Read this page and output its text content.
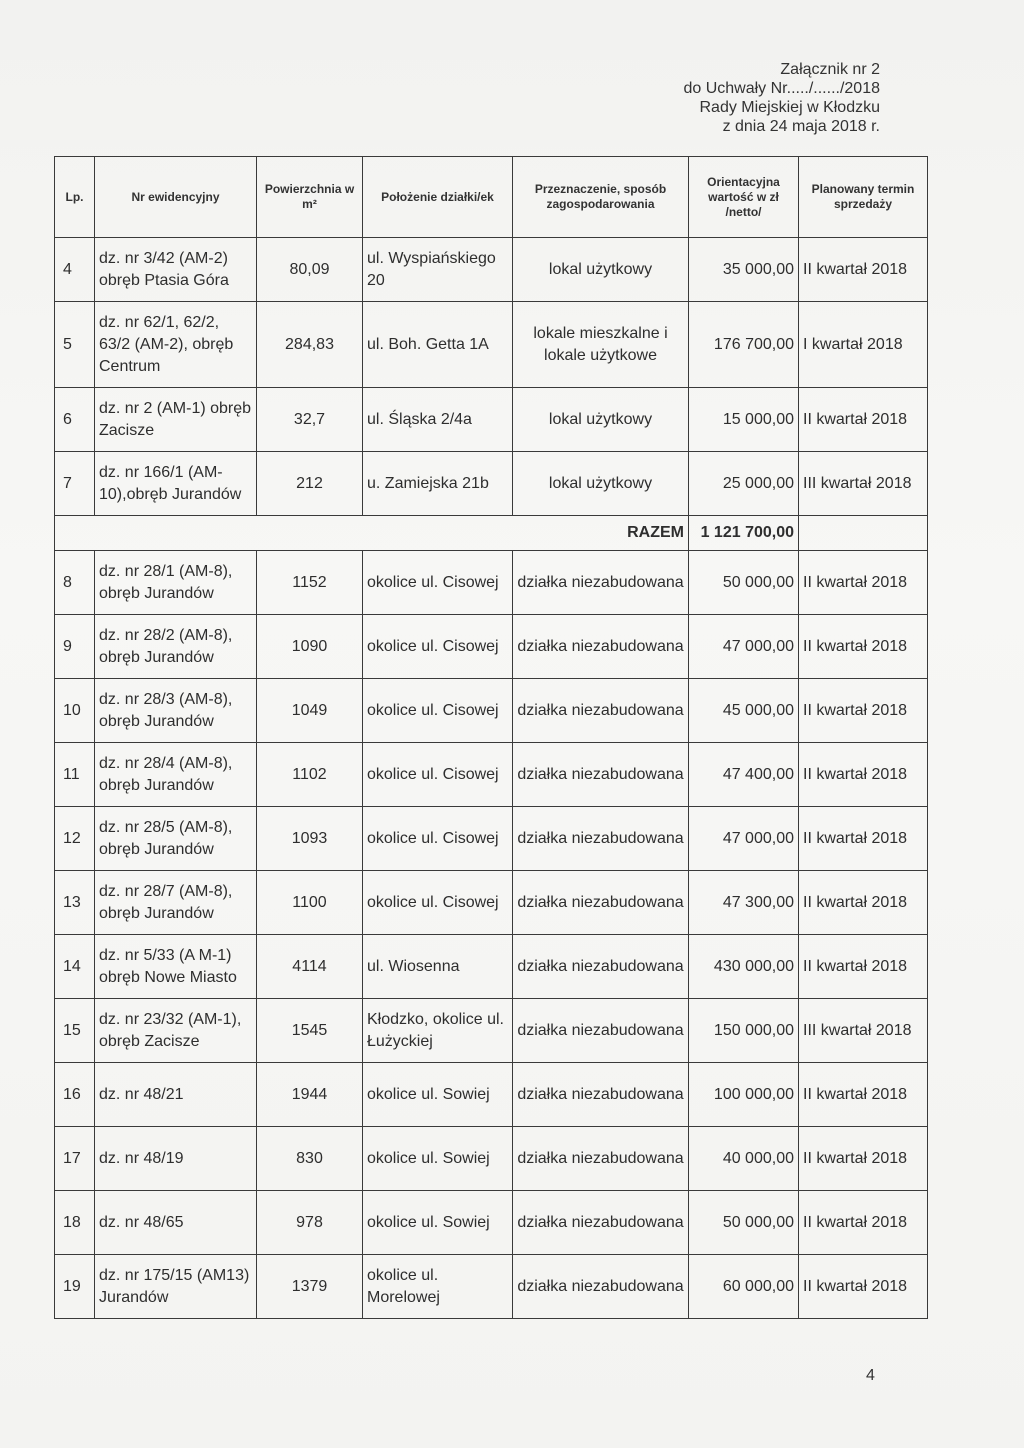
Załącznik nr 2
do Uchwały Nr...../....../2018
Rady Miejskiej w Kłodzku
z dnia 24 maja 2018 r.
Lp.	Nr ewidencyjny	Powierzchnia w m²	Położenie działki/ek	Przeznaczenie, sposób zagospodarowania	Orientacyjna wartość w zł /netto/	Planowany termin sprzedaży
4	dz. nr 3/42 (AM-2) obręb Ptasia Góra	80,09	ul. Wyspiańskiego 20	lokal użytkowy	35 000,00	II kwartał 2018
5	dz. nr 62/1, 62/2, 63/2 (AM-2), obręb Centrum	284,83	ul. Boh. Getta 1A	lokale mieszkalne i lokale użytkowe	176 700,00	I kwartał 2018
6	dz. nr 2 (AM-1) obręb Zacisze	32,7	ul. Śląska 2/4a	lokal użytkowy	15 000,00	II kwartał 2018
7	dz. nr 166/1 (AM-10),obręb Jurandów	212	u. Zamiejska 21b	lokal użytkowy	25 000,00	III kwartał 2018
RAZEM					1 121 700,00	
8	dz. nr 28/1 (AM-8), obręb Jurandów	1152	okolice ul. Cisowej	działka niezabudowana	50 000,00	II kwartał 2018
9	dz. nr 28/2 (AM-8), obręb Jurandów	1090	okolice ul. Cisowej	działka niezabudowana	47 000,00	II kwartał 2018
10	dz. nr 28/3 (AM-8), obręb Jurandów	1049	okolice ul. Cisowej	działka niezabudowana	45 000,00	II kwartał 2018
11	dz. nr 28/4 (AM-8), obręb Jurandów	1102	okolice ul. Cisowej	działka niezabudowana	47 400,00	II kwartał 2018
12	dz. nr 28/5 (AM-8), obręb Jurandów	1093	okolice ul. Cisowej	działka niezabudowana	47 000,00	II kwartał 2018
13	dz. nr 28/7 (AM-8), obręb Jurandów	1100	okolice ul. Cisowej	działka niezabudowana	47 300,00	II kwartał 2018
14	dz. nr 5/33 (A M-1) obręb Nowe Miasto	4114	ul. Wiosenna	działka niezabudowana	430 000,00	II kwartał 2018
15	dz. nr 23/32 (AM-1), obręb Zacisze	1545	Kłodzko, okolice ul. Łużyckiej	działka niezabudowana	150 000,00	III kwartał 2018
16	dz. nr 48/21	1944	okolice ul. Sowiej	działka niezabudowana	100 000,00	II kwartał 2018
17	dz. nr 48/19	830	okolice ul. Sowiej	działka niezabudowana	40 000,00	II kwartał 2018
18	dz. nr 48/65	978	okolice ul. Sowiej	działka niezabudowana	50 000,00	II kwartał 2018
19	dz. nr 175/15 (AM13) Jurandów	1379	okolice ul. Morelowej	działka niezabudowana	60 000,00	II kwartał 2018
4
